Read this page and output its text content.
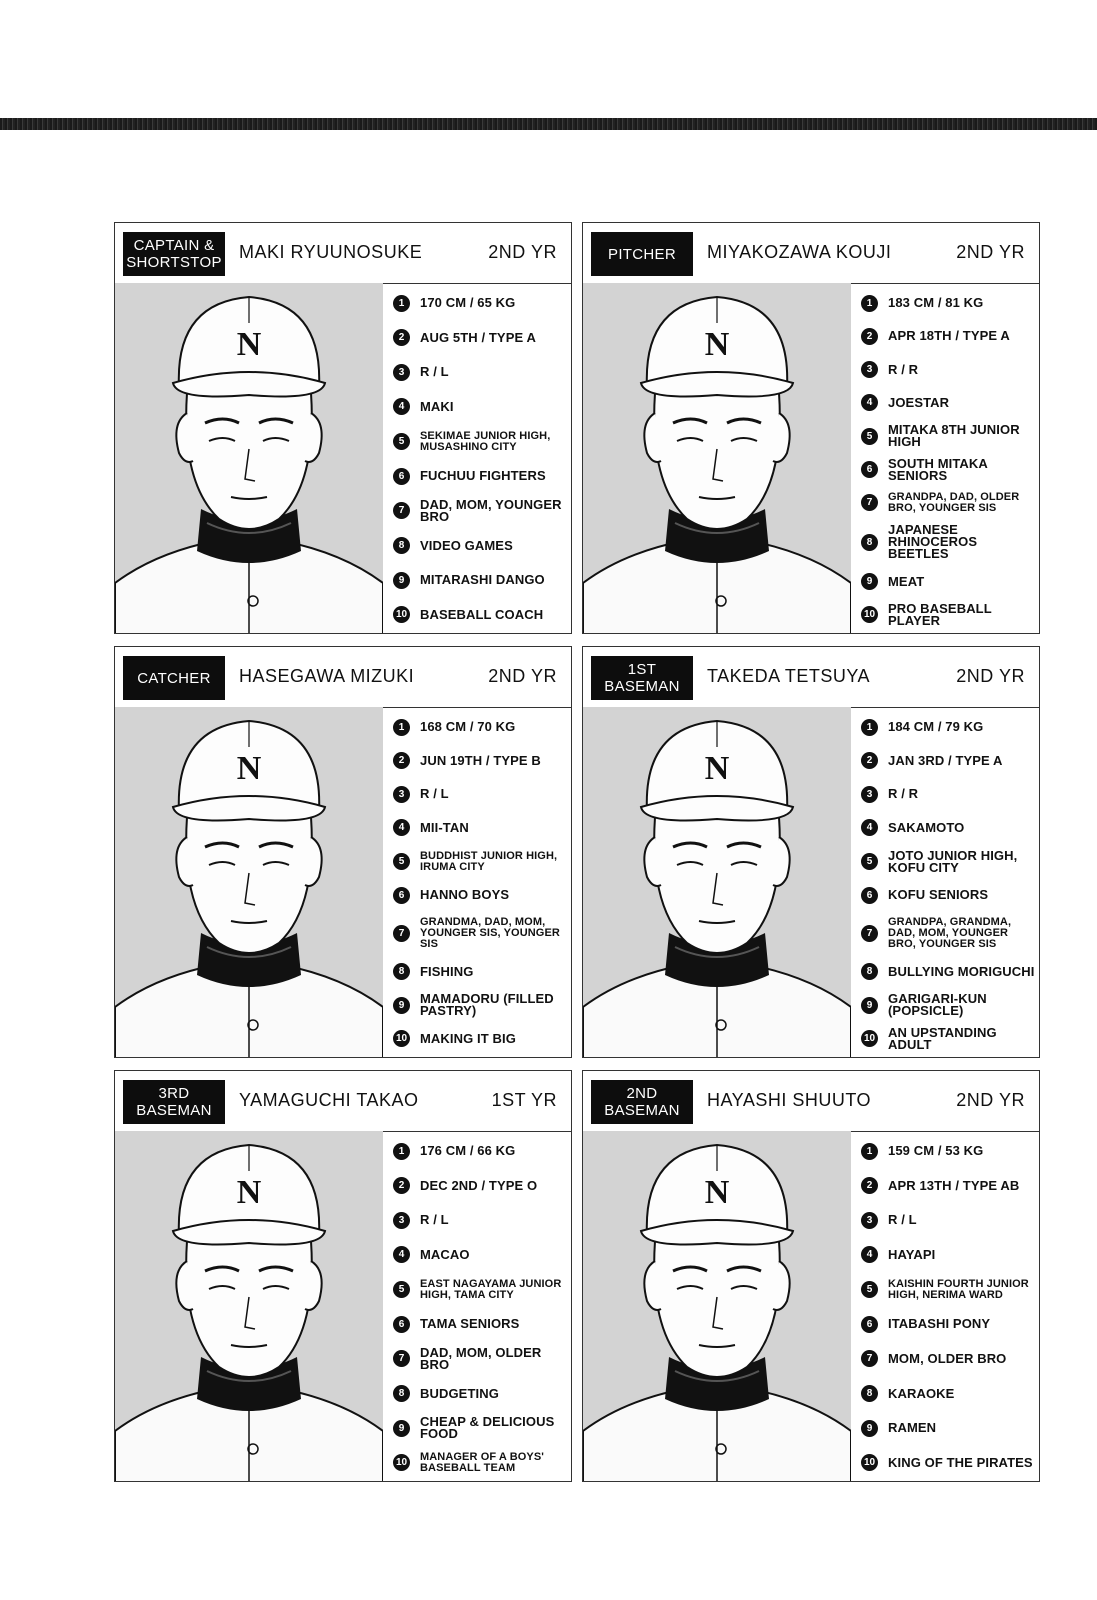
CAPTAIN &
SHORTSTOP
MAKI RYUUNOSUKE	2ND YR
N
1	170 CM / 65 KG
2	AUG 5TH / TYPE A
3	R / L
4	MAKI
5	SEKIMAE JUNIOR HIGH, MUSASHINO CITY
6	FUCHUU FIGHTERS
7	DAD, MOM, YOUNGER BRO
8	VIDEO GAMES
9	MITARASHI DANGO
10 BASEBALL COACH
PITCHER	MIYAKOZAWA KOUJI	2ND YR
N
1	183 CM / 81 KG
2	APR 18TH / TYPE A
3	R / R
4	JOESTAR
5	MITAKA 8TH JUNIOR HIGH
6	SOUTH MITAKA SENIORS
7	GRANDPA, DAD, OLDER BRO, YOUNGER SIS
8
JAPANESE RHINOCEROS BEETLES
9	MEAT
10 PRO BASEBALL PLAYER
CATCHER	HASEGAWA MIZUKI	2ND YR
N
1	168 CM / 70 KG
2	JUN 19TH / TYPE B
3	R / L
4	MII-TAN
5	BUDDHIST JUNIOR HIGH, IRUMA CITY
6	HANNO BOYS
7
GRANDMA, DAD, MOM, YOUNGER SIS, YOUNGER SIS
8	FISHING
9	MAMADORU (FILLED PASTRY)
10 MAKING IT BIG
1ST
BASEMAN
TAKEDA TETSUYA	2ND YR
N
1	184 CM / 79 KG
2	JAN 3RD / TYPE A
3	R / R
4	SAKAMOTO
5	JOTO JUNIOR HIGH, KOFU CITY
6	KOFU SENIORS
7
GRANDPA, GRANDMA, DAD, MOM, YOUNGER BRO, YOUNGER SIS
8	BULLYING MORIGUCHI
9	GARIGARI-KUN (POPSICLE)
10 AN UPSTANDING ADULT
3RD
BASEMAN
YAMAGUCHI TAKAO	1ST YR
N
1	176 CM / 66 KG
2	DEC 2ND / TYPE O
3	R / L
4	MACAO
5	EAST NAGAYAMA JUNIOR HIGH, TAMA CITY
6	TAMA SENIORS
7	DAD, MOM, OLDER BRO
8	BUDGETING
9	CHEAP & DELICIOUS FOOD
10 MANAGER OF A BOYS' BASEBALL TEAM
2ND
BASEMAN
HAYASHI SHUUTO	2ND YR
N
1	159 CM / 53 KG
2	APR 13TH / TYPE AB
3	R / L
4	HAYAPI
5	KAISHIN FOURTH JUNIOR HIGH, NERIMA WARD
6	ITABASHI PONY
7	MOM, OLDER BRO
8	KARAOKE
9	RAMEN
10 KING OF THE PIRATES
